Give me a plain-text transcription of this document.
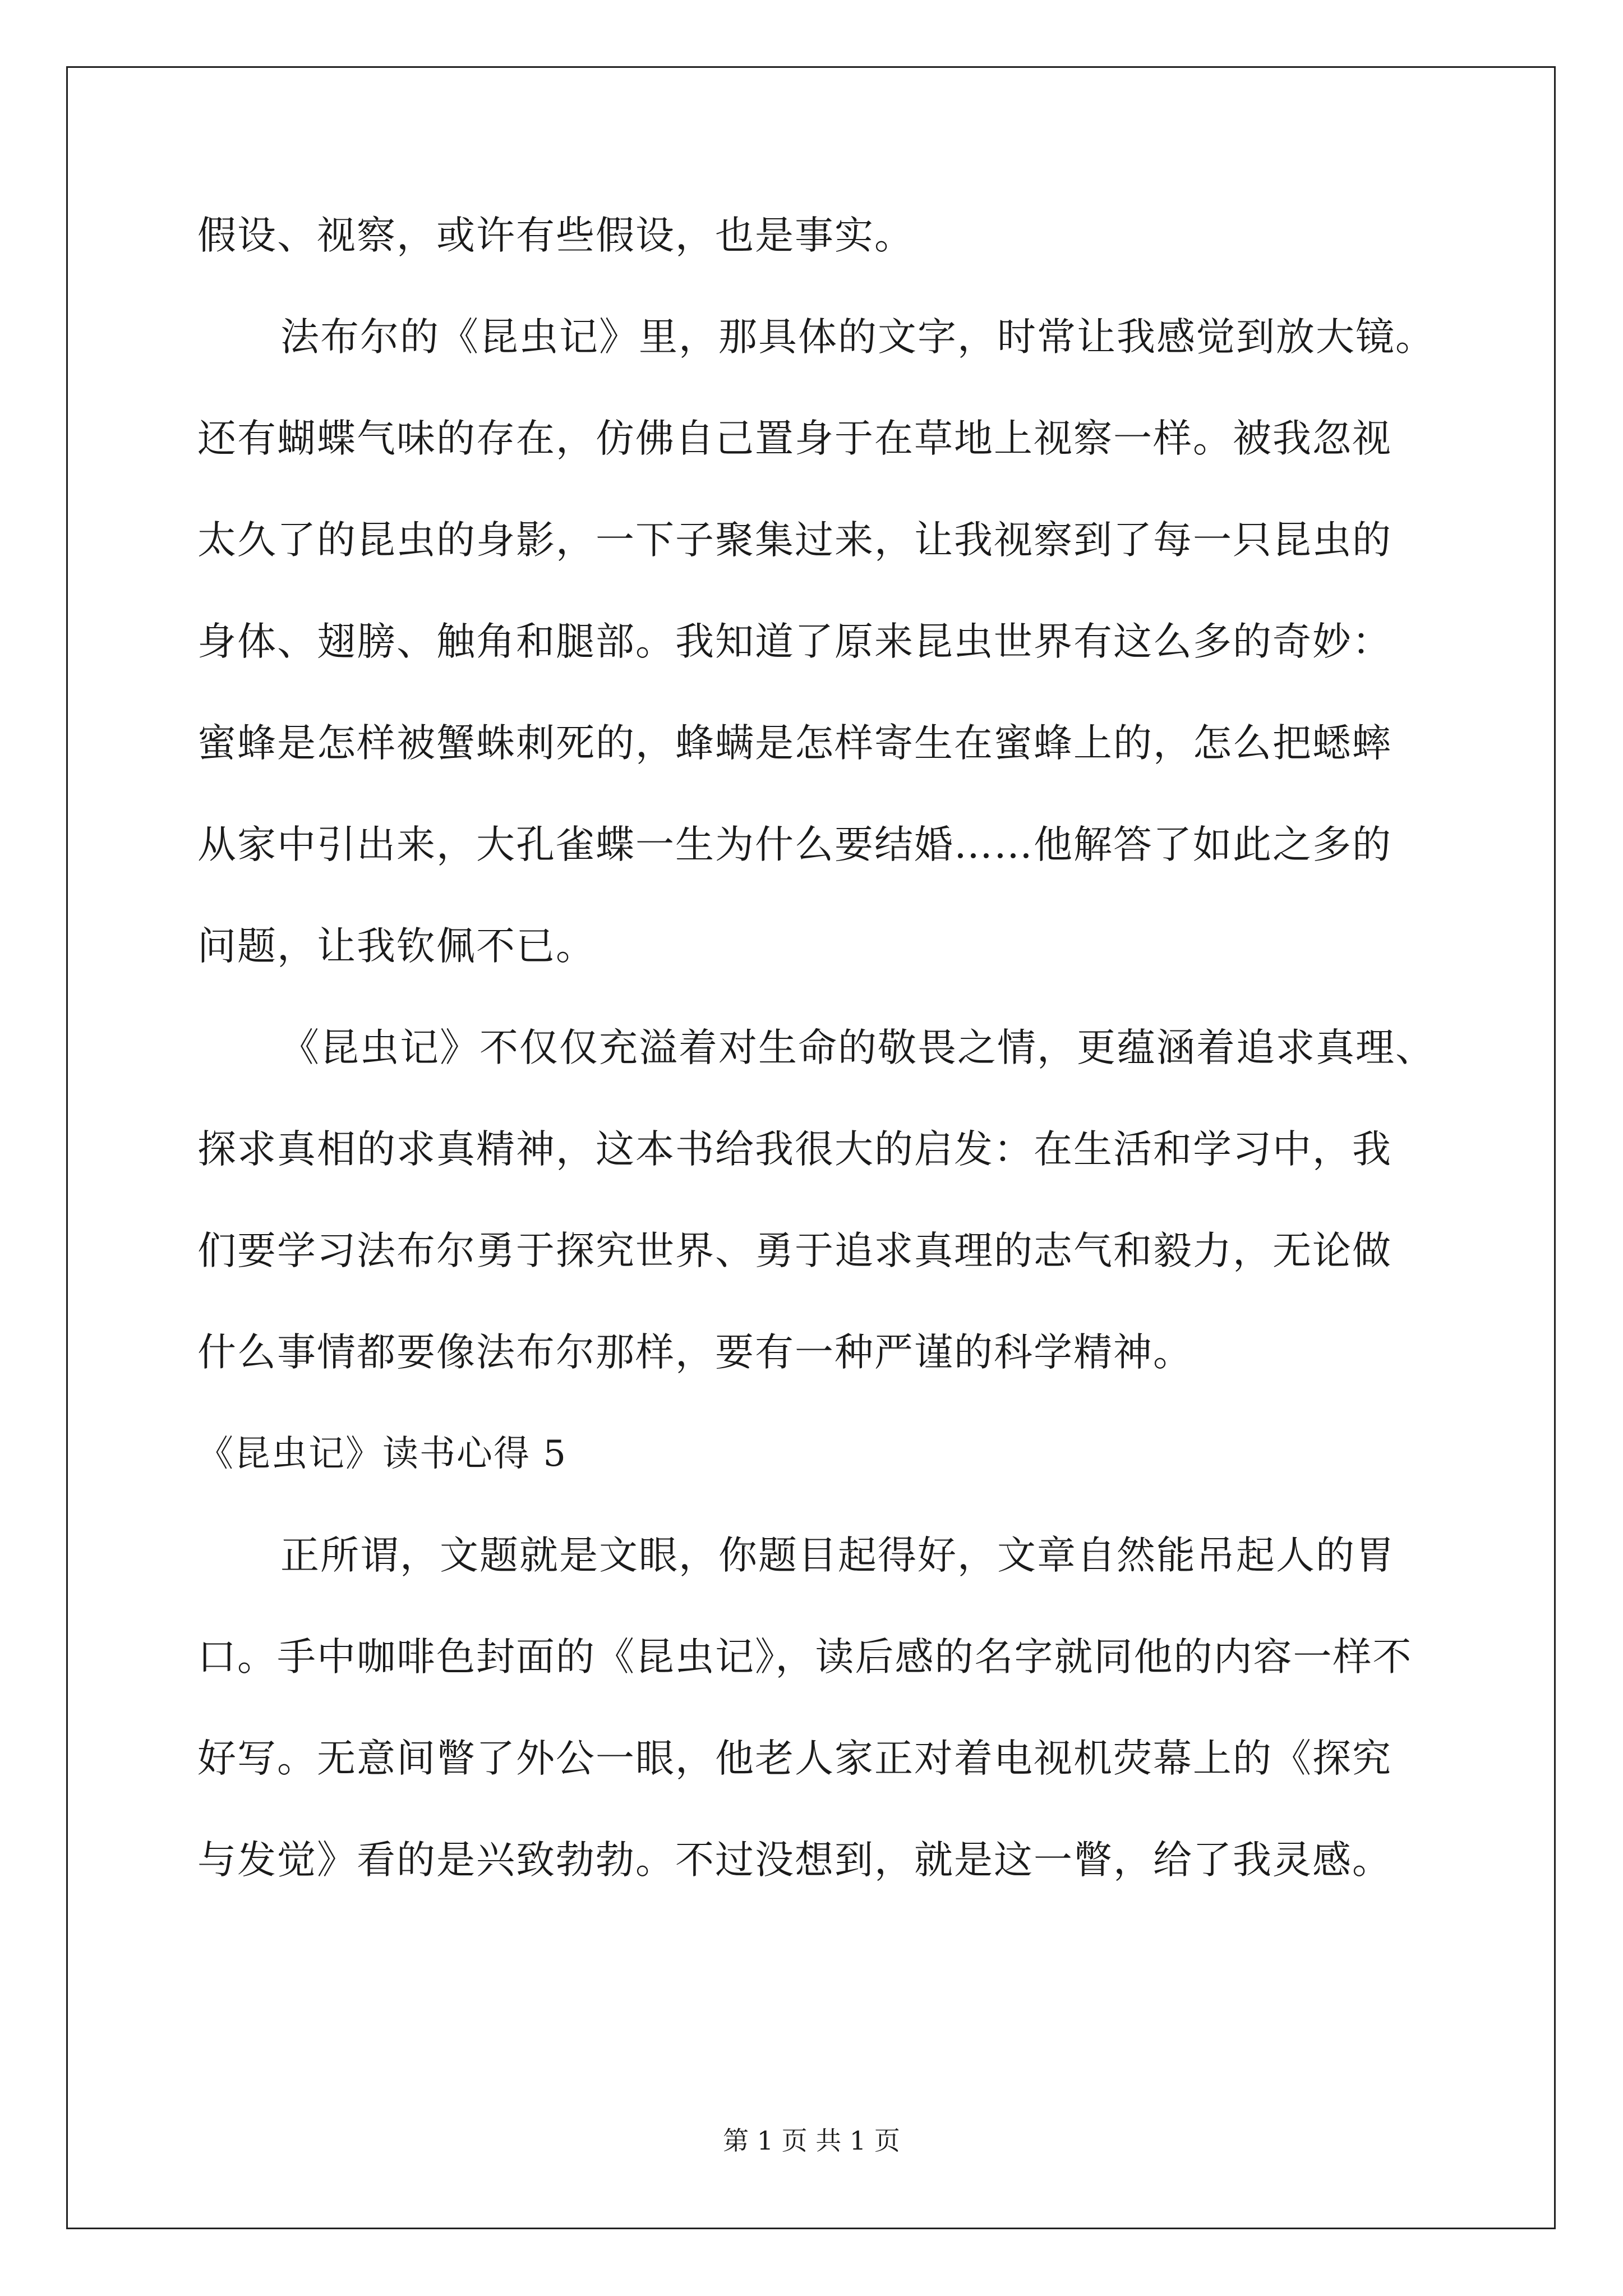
假设、视察，或许有些假设，也是事实。
法布尔的《昆虫记》里，那具体的文字，时常让我感觉到放大镜。
还有蝴蝶气味的存在，仿佛自己置身于在草地上视察一样。被我忽视
太久了的昆虫的身影，一下子聚集过来，让我视察到了每一只昆虫的
身体、翅膀、触角和腿部。我知道了原来昆虫世界有这么多的奇妙：
蜜蜂是怎样被蟹蛛刺死的，蜂螨是怎样寄生在蜜蜂上的，怎么把蟋蟀
从家中引出来，大孔雀蝶一生为什么要结婚……他解答了如此之多的
问题，让我钦佩不已。
《昆虫记》不仅仅充溢着对生命的敬畏之情，更蕴涵着追求真理、
探求真相的求真精神，这本书给我很大的启发：在生活和学习中，我
们要学习法布尔勇于探究世界、勇于追求真理的志气和毅力，无论做
什么事情都要像法布尔那样，要有一种严谨的科学精神。
《昆虫记》读书心得 5
正所谓，文题就是文眼，你题目起得好，文章自然能吊起人的胃
口。手中咖啡色封面的《昆虫记》，读后感的名字就同他的内容一样不
好写。无意间瞥了外公一眼，他老人家正对着电视机荧幕上的《探究
与发觉》看的是兴致勃勃。不过没想到，就是这一瞥，给了我灵感。
第 1 页 共 1 页
